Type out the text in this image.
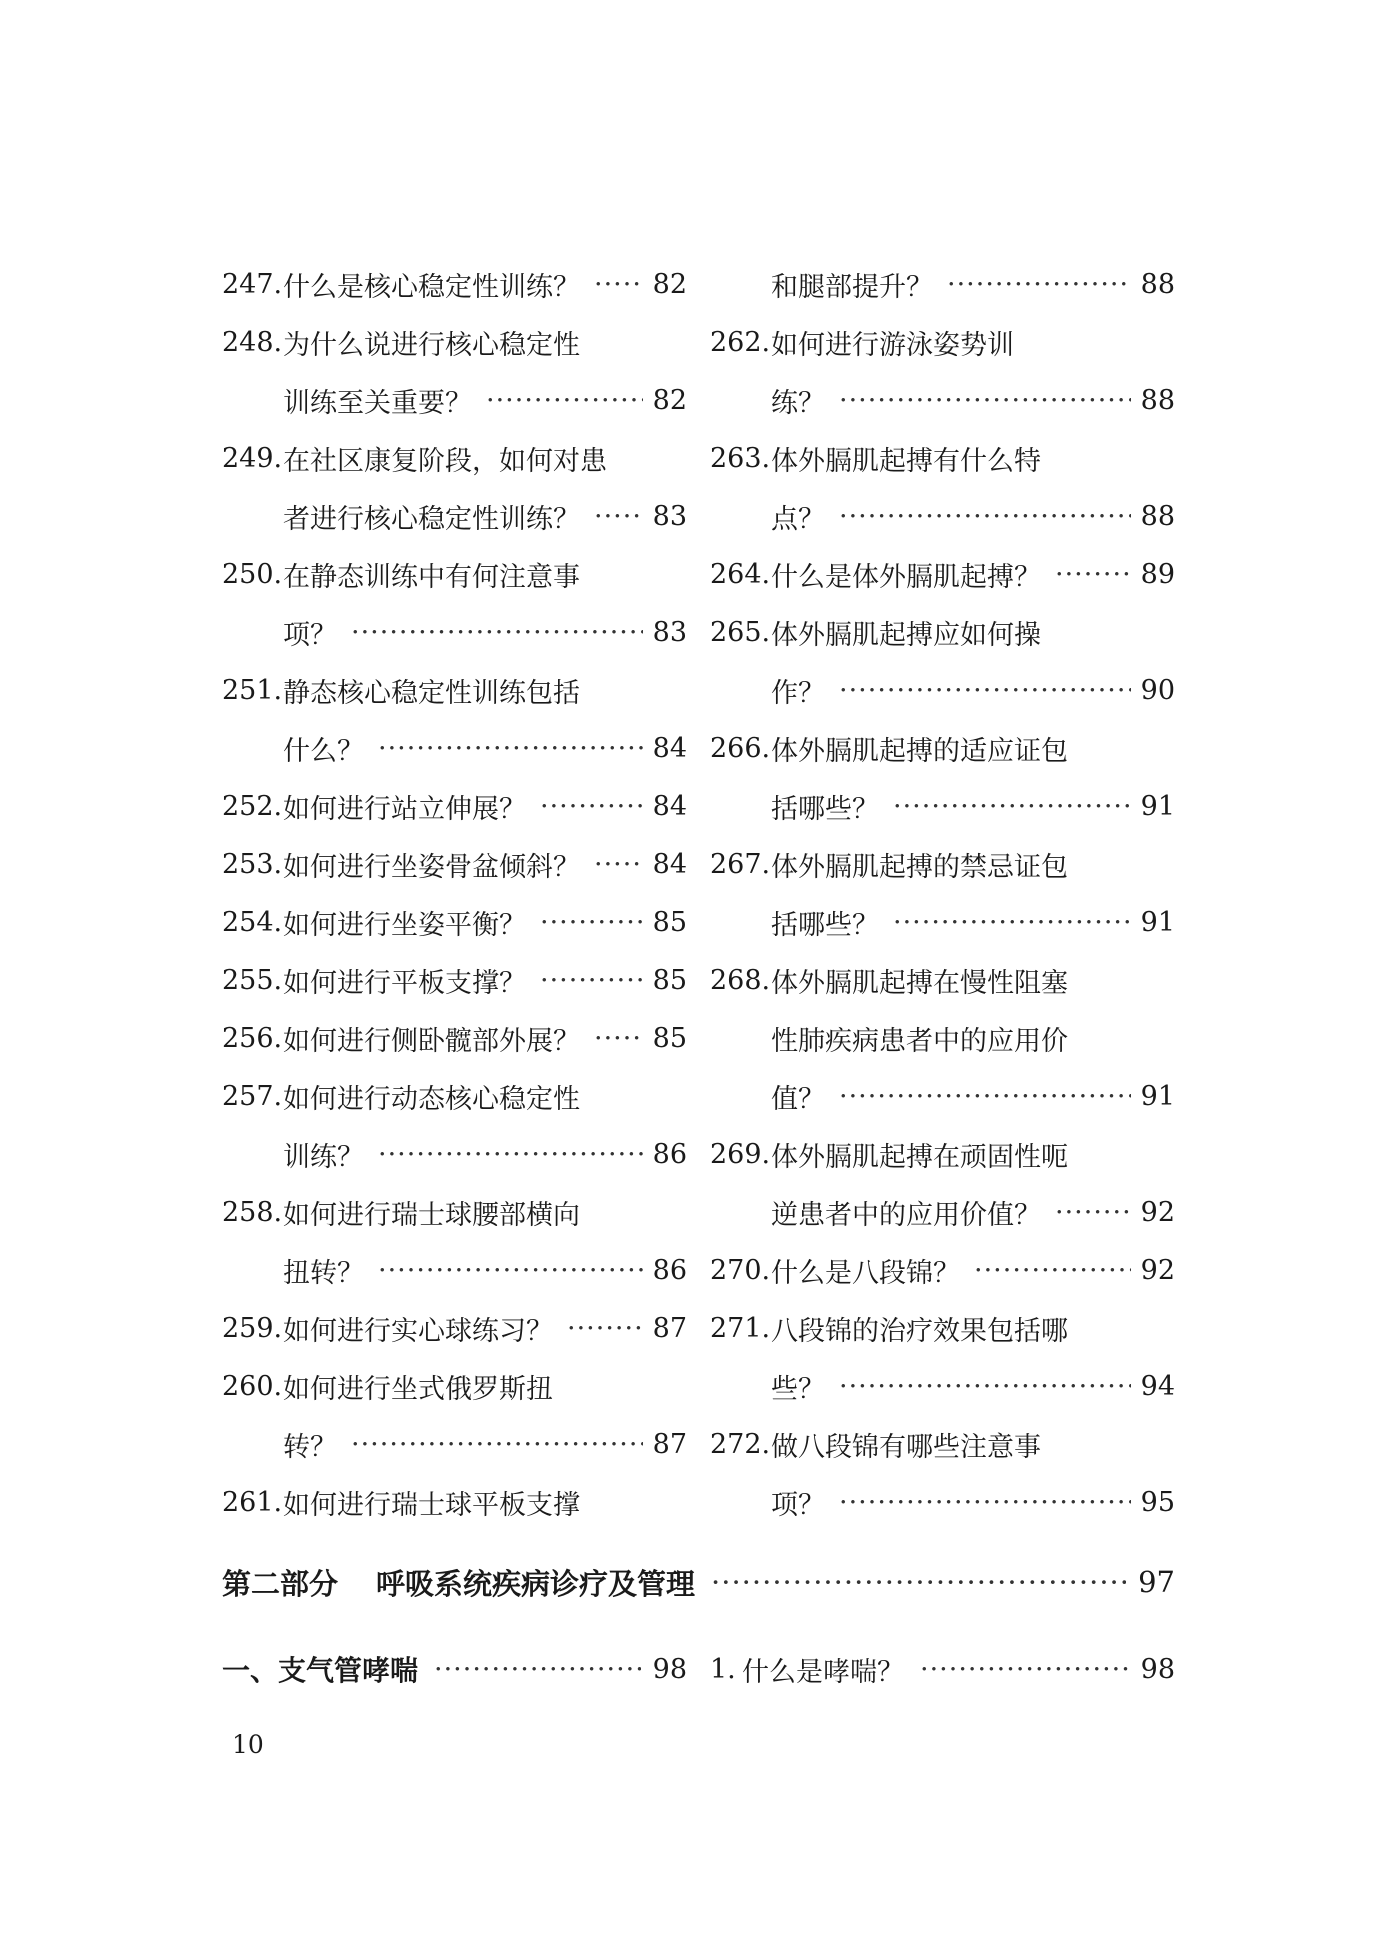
247. 什么是核心稳定性训练？ ·····	82
248. 为什么说进行核心稳定性
训练至关重要？ ·····	82
249. 在社区康复阶段，如何对患
者进行核心稳定性训练？ ·····	83
250. 在静态训练中有何注意事
项？ ·····	83
251. 静态核心稳定性训练包括
什么？ ·····	84
252. 如何进行站立伸展？ ·····	84
253. 如何进行坐姿骨盆倾斜？ ·····	84
254. 如何进行坐姿平衡？ ·····	85
255. 如何进行平板支撑？ ·····	85
256. 如何进行侧卧髋部外展？ ·····	85
257. 如何进行动态核心稳定性
训练？ ·····	86
258. 如何进行瑞士球腰部横向
扭转？ ·····	86
259. 如何进行实心球练习？ ·····	87
260. 如何进行坐式俄罗斯扭
转？ ·····	87
261. 如何进行瑞士球平板支撑
和腿部提升？ ·····	88
262. 如何进行游泳姿势训
练？ ·····	88
263. 体外膈肌起搏有什么特
点？ ·····	88
264. 什么是体外膈肌起搏？ ·····	89
265. 体外膈肌起搏应如何操
作？ ·····	90
266. 体外膈肌起搏的适应证包
括哪些？ ·····	91
267. 体外膈肌起搏的禁忌证包
括哪些？ ·····	91
268. 体外膈肌起搏在慢性阻塞
性肺疾病患者中的应用价
值？ ·····	91
269. 体外膈肌起搏在顽固性呃
逆患者中的应用价值？ ·····	92
270. 什么是八段锦？ ·····	92
271. 八段锦的治疗效果包括哪
些？ ·····	94
272. 做八段锦有哪些注意事
项？ ·····	95
第二部分 呼吸系统疾病诊疗及管理 ·····	97
一、支气管哮喘 ·····	98 1. 什么是哮喘？ ·····	98
10
